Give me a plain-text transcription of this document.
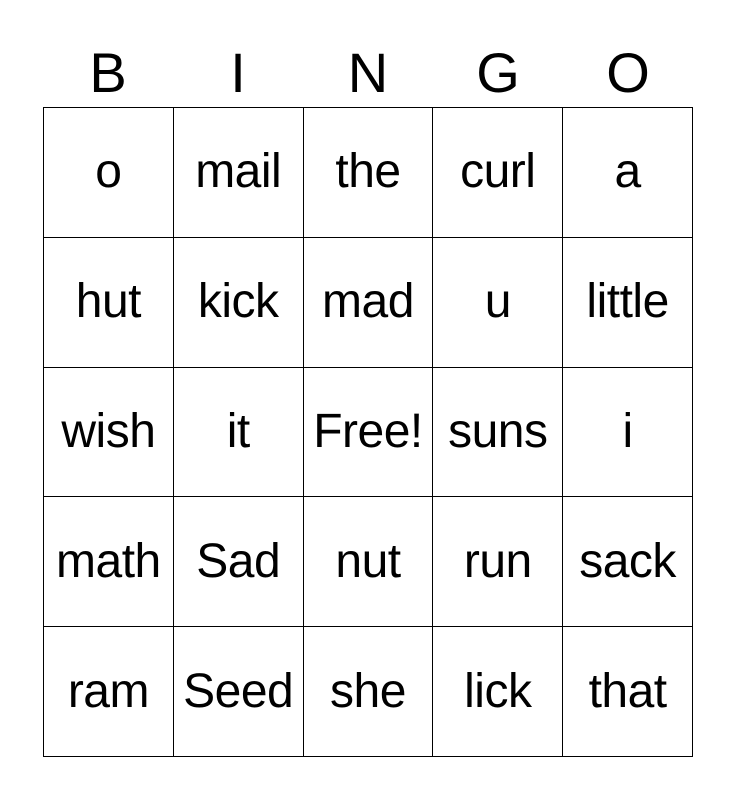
B	I	N	G	O
o mail the curl a
hut kick mad u little
wish it Free! suns i
math Sad nut run sack
ram Seed she lick that
